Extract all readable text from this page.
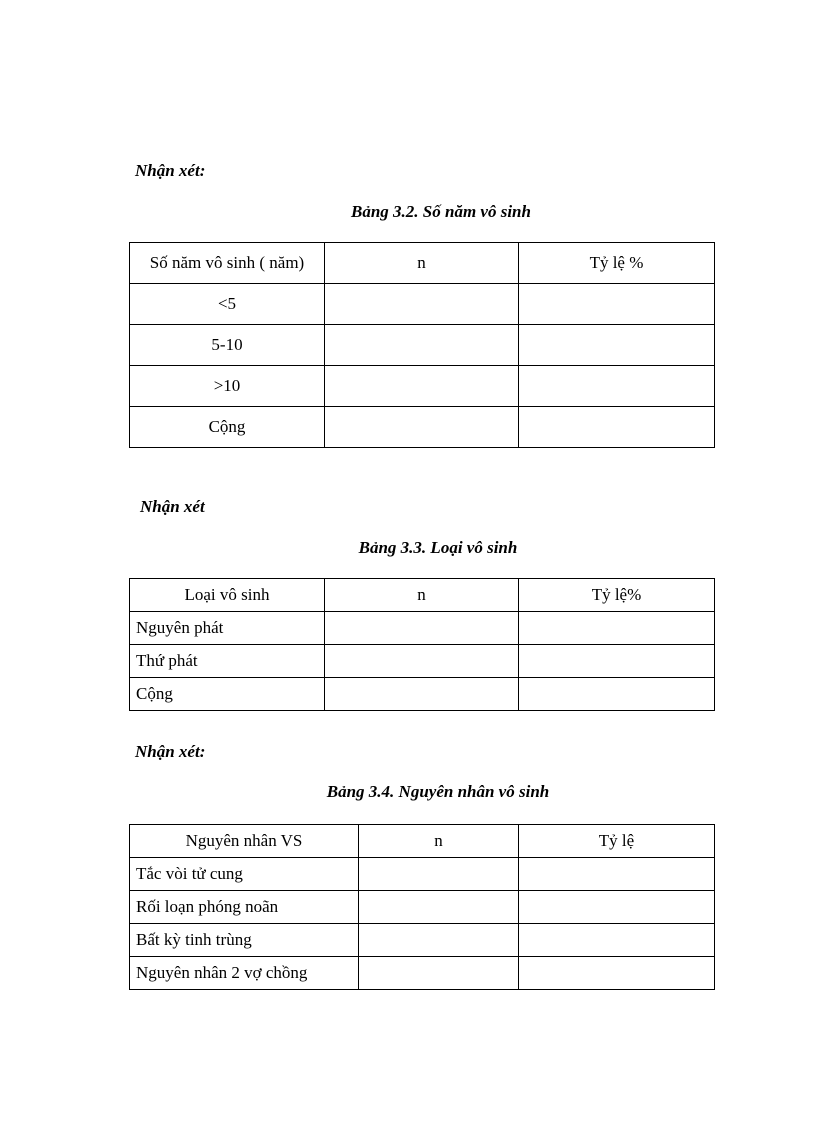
Nhận xét:
Bảng 3.2. Số năm vô sinh
Số năm vô sinh ( năm)	n	Tỷ lệ %
<5		
5-10		
>10		
Cộng		
Nhận xét
Bảng 3.3. Loại vô sinh
Loại vô sinh	n	Tỷ lệ%
Nguyên phát		
Thứ phát		
Cộng		
Nhận xét:
Bảng 3.4. Nguyên nhân vô sinh
Nguyên nhân VS	n	Tỷ lệ
Tắc vòi tử cung		
Rối loạn phóng noãn		
Bất kỳ tinh trùng		
Nguyên nhân 2 vợ chồng		
